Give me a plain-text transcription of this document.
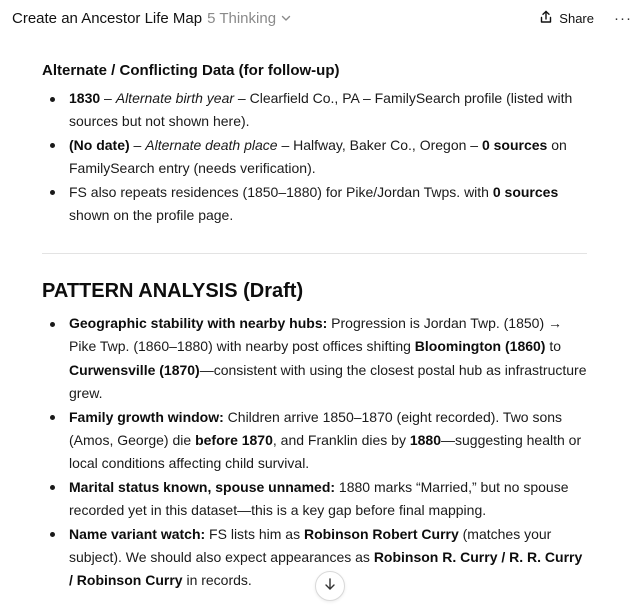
Create an Ancestor Life Map 5 Thinking	Share ···
Alternate / Conflicting Data (for follow-up)
1830 – Alternate birth year – Clearfield Co., PA – FamilySearch profile (listed with sources but not shown here).
(No date) – Alternate death place – Halfway, Baker Co., Oregon – 0 sources on FamilySearch entry (needs verification).
FS also repeats residences (1850–1880) for Pike/Jordan Twps. with 0 sources shown on the profile page.
PATTERN ANALYSIS (Draft)
Geographic stability with nearby hubs: Progression is Jordan Twp. (1850) → Pike Twp. (1860–1880) with nearby post offices shifting Bloomington (1860) to Curwensville (1870)—consistent with using the closest postal hub as infrastructure grew.
Family growth window: Children arrive 1850–1870 (eight recorded). Two sons (Amos, George) die before 1870, and Franklin dies by 1880—suggesting health or local conditions affecting child survival.
Marital status known, spouse unnamed: 1880 marks “Married,” but no spouse recorded yet in this dataset—this is a key gap before final mapping.
Name variant watch: FS lists him as Robinson Robert Curry (matches your subject). We should also expect appearances as Robinson R. Curry / R. R. Curry / Robinson Curry in records.
